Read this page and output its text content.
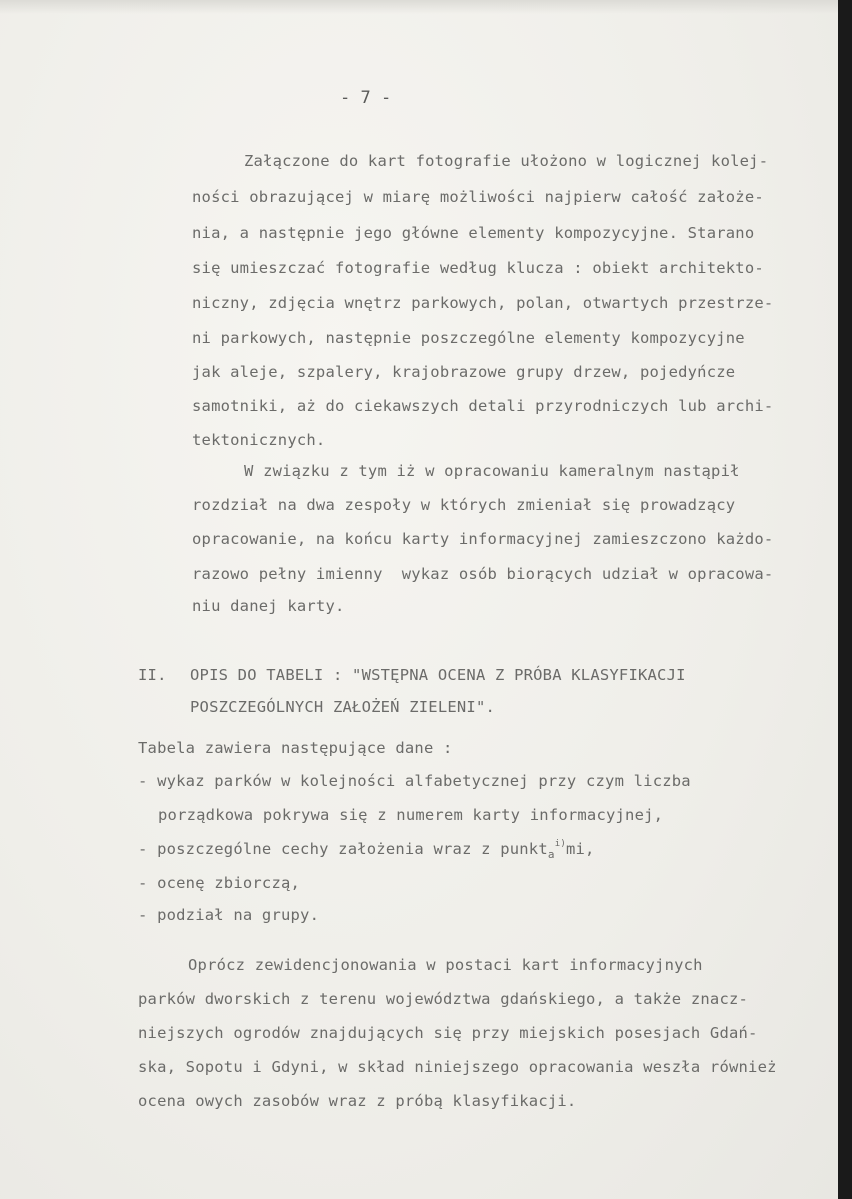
- 7 -
Załączone do kart fotografie ułożono w logicznej kolej-
ności obrazującej w miarę możliwości najpierw całość założe-
nia, a następnie jego główne elementy kompozycyjne. Starano
się umieszczać fotografie według klucza : obiekt architekto-
niczny, zdjęcia wnętrz parkowych, polan, otwartych przestrze-
ni parkowych, następnie poszczególne elementy kompozycyjne
jak aleje, szpalery, krajobrazowe grupy drzew, pojedyńcze
samotniki, aż do ciekawszych detali przyrodniczych lub archi-
tektonicznych.
W związku z tym iż w opracowaniu kameralnym nastąpił
rozdział na dwa zespoły w których zmieniał się prowadzący
opracowanie, na końcu karty informacyjnej zamieszczono każdo-
razowo pełny imienny  wykaz osób biorących udział w opracowa-
niu danej karty.
II. OPIS DO TABELI : "WSTĘPNA OCENA Z PRÓBA KLASYFIKACJI
POSZCZEGÓLNYCH ZAŁOŻEŃ ZIELENI".
Tabela zawiera następujące dane :
- wykaz parków w kolejności alfabetycznej przy czym liczba
porządkowa pokrywa się z numerem karty informacyjnej,
- poszczególne cechy założenia wraz z punkt$_a^{i)}$mi,
- ocenę zbiorczą,
- podział na grupy.
Oprócz zewidencjonowania w postaci kart informacyjnych
parków dworskich z terenu województwa gdańskiego, a także znacz-
niejszych ogrodów znajdujących się przy miejskich posesjach Gdań-
ska, Sopotu i Gdyni, w skład niniejszego opracowania weszła również
ocena owych zasobów wraz z próbą klasyfikacji.
